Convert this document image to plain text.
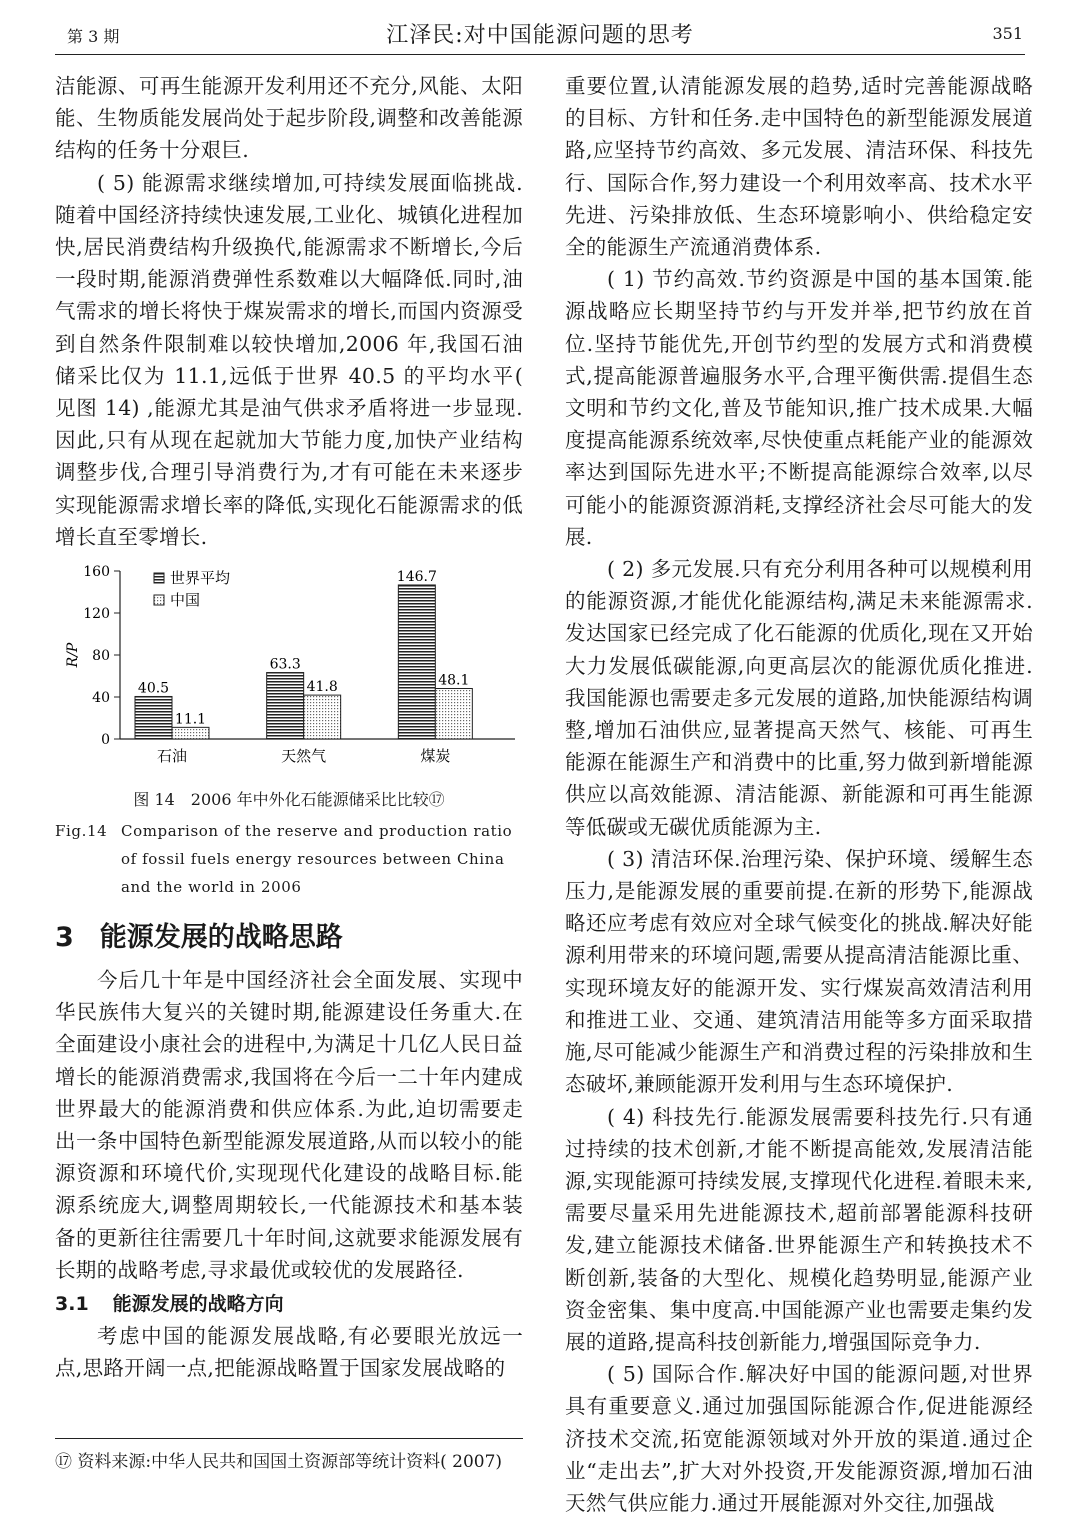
第 3 期	江泽民:对中国能源问题的思考	351

洁能源、可再生能源开发利用还不充分,风能、太阳能、生物质能发展尚处于起步阶段,调整和改善能源结构的任务十分艰巨.

( 5) 能源需求继续增加,可持续发展面临挑战.随着中国经济持续快速发展,工业化、城镇化进程加快,居民消费结构升级换代,能源需求不断增长,今后一段时期,能源消费弹性系数难以大幅降低.同时,油气需求的增长将快于煤炭需求的增长,而国内资源受到自然条件限制难以较快增加,2006 年,我国石油储采比仅为 11.1,远低于世界 40.5 的平均水平( 见图 14) ,能源尤其是油气供求矛盾将进一步显现.因此,只有从现在起就加大节能力度,加快产业结构调整步伐,合理引导消费行为,才有可能在未来逐步实现能源需求增长率的降低,实现化石能源需求的低增长直至零增长.

0
40
80
120
160
R/P
40.5
11.1
石油
63.3
41.8
天然气
146.7
48.1
煤炭
世界平均
中国
图 14　2006 年中外化石能源储采比比较⑰
Fig.14 Comparison of the reserve and production ratio of fossil fuels energy resources between China and the world in 2006
3 能源发展的战略思路

今后几十年是中国经济社会全面发展、实现中华民族伟大复兴的关键时期,能源建设任务重大.在全面建设小康社会的进程中,为满足十几亿人民日益增长的能源消费需求,我国将在今后一二十年内建成世界最大的能源消费和供应体系.为此,迫切需要走出一条中国特色新型能源发展道路,从而以较小的能源资源和环境代价,实现现代化建设的战略目标.能源系统庞大,调整周期较长,一代能源技术和基本装备的更新往往需要几十年时间,这就要求能源发展有长期的战略考虑,寻求最优或较优的发展路径.

3.1 能源发展的战略方向

考虑中国的能源发展战略,有必要眼光放远一点,思路开阔一点,把能源战略置于国家发展战略的

⑰ 资料来源:中华人民共和国国土资源部等统计资料( 2007)

重要位置,认清能源发展的趋势,适时完善能源战略的目标、方针和任务.走中国特色的新型能源发展道路,应坚持节约高效、多元发展、清洁环保、科技先行、国际合作,努力建设一个利用效率高、技术水平先进、污染排放低、生态环境影响小、供给稳定安全的能源生产流通消费体系.

( 1) 节约高效.节约资源是中国的基本国策.能源战略应长期坚持节约与开发并举,把节约放在首位.坚持节能优先,开创节约型的发展方式和消费模式,提高能源普遍服务水平,合理平衡供需.提倡生态文明和节约文化,普及节能知识,推广技术成果.大幅度提高能源系统效率,尽快使重点耗能产业的能源效率达到国际先进水平;不断提高能源综合效率,以尽可能小的能源资源消耗,支撑经济社会尽可能大的发展.

( 2) 多元发展.只有充分利用各种可以规模利用的能源资源,才能优化能源结构,满足未来能源需求.发达国家已经完成了化石能源的优质化,现在又开始大力发展低碳能源,向更高层次的能源优质化推进.我国能源也需要走多元发展的道路,加快能源结构调整,增加石油供应,显著提高天然气、核能、可再生能源在能源生产和消费中的比重,努力做到新增能源供应以高效能源、清洁能源、新能源和可再生能源等低碳或无碳优质能源为主.

( 3) 清洁环保.治理污染、保护环境、缓解生态压力,是能源发展的重要前提.在新的形势下,能源战略还应考虑有效应对全球气候变化的挑战.解决好能源利用带来的环境问题,需要从提高清洁能源比重、实现环境友好的能源开发、实行煤炭高效清洁利用和推进工业、交通、建筑清洁用能等多方面采取措施,尽可能减少能源生产和消费过程的污染排放和生态破坏,兼顾能源开发利用与生态环境保护.

( 4) 科技先行.能源发展需要科技先行.只有通过持续的技术创新,才能不断提高能效,发展清洁能源,实现能源可持续发展,支撑现代化进程.着眼未来,需要尽量采用先进能源技术,超前部署能源科技研发,建立能源技术储备.世界能源生产和转换技术不断创新,装备的大型化、规模化趋势明显,能源产业资金密集、集中度高.中国能源产业也需要走集约发展的道路,提高科技创新能力,增强国际竞争力.

( 5) 国际合作.解决好中国的能源问题,对世界具有重要意义.通过加强国际能源合作,促进能源经济技术交流,拓宽能源领域对外开放的渠道.通过企业“走出去”,扩大对外投资,开发能源资源,增加石油天然气供应能力.通过开展能源对外交往,加强战
